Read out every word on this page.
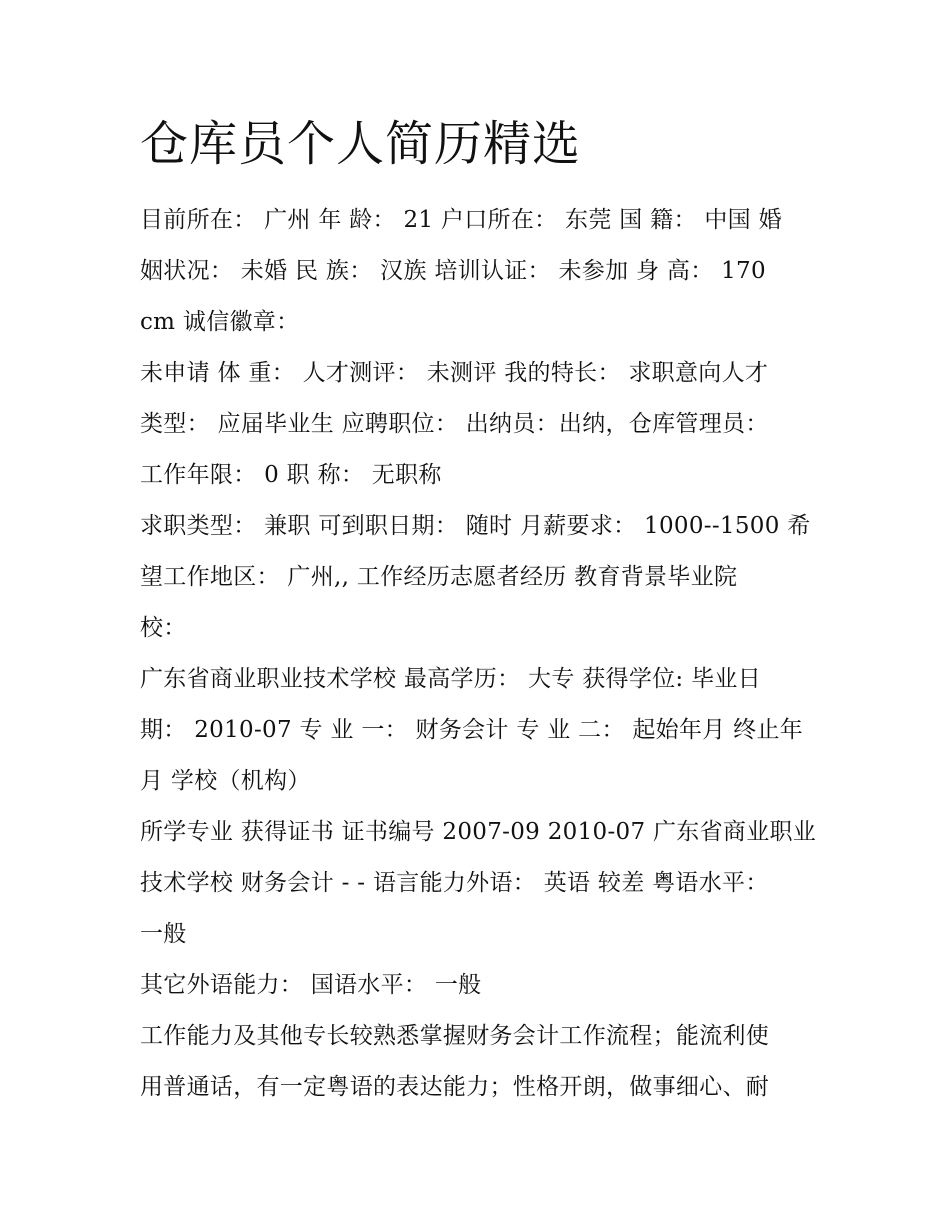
仓库员个人简历精选

目前所在： 广州 年 龄： 21 户口所在： 东莞 国 籍： 中国 婚

姻状况： 未婚 民 族： 汉族 培训认证： 未参加 身 高： 170

cm 诚信徽章：

未申请 体 重： 人才测评： 未测评 我的特长： 求职意向人才

类型： 应届毕业生 应聘职位： 出纳员：出纳，仓库管理员：

工作年限： 0 职 称： 无职称

求职类型： 兼职 可到职日期： 随时 月薪要求： 1000--1500 希

望工作地区： 广州,, 工作经历志愿者经历 教育背景毕业院

校：

广东省商业职业技术学校 最高学历： 大专 获得学位: 毕业日

期： 2010-07 专 业 一： 财务会计 专 业 二： 起始年月 终止年

月 学校（机构）

所学专业 获得证书 证书编号 2007-09 2010-07 广东省商业职业

技术学校 财务会计 - - 语言能力外语： 英语 较差 粤语水平：

一般

其它外语能力： 国语水平： 一般

工作能力及其他专长较熟悉掌握财务会计工作流程；能流利使

用普通话，有一定粤语的表达能力；性格开朗，做事细心、耐
